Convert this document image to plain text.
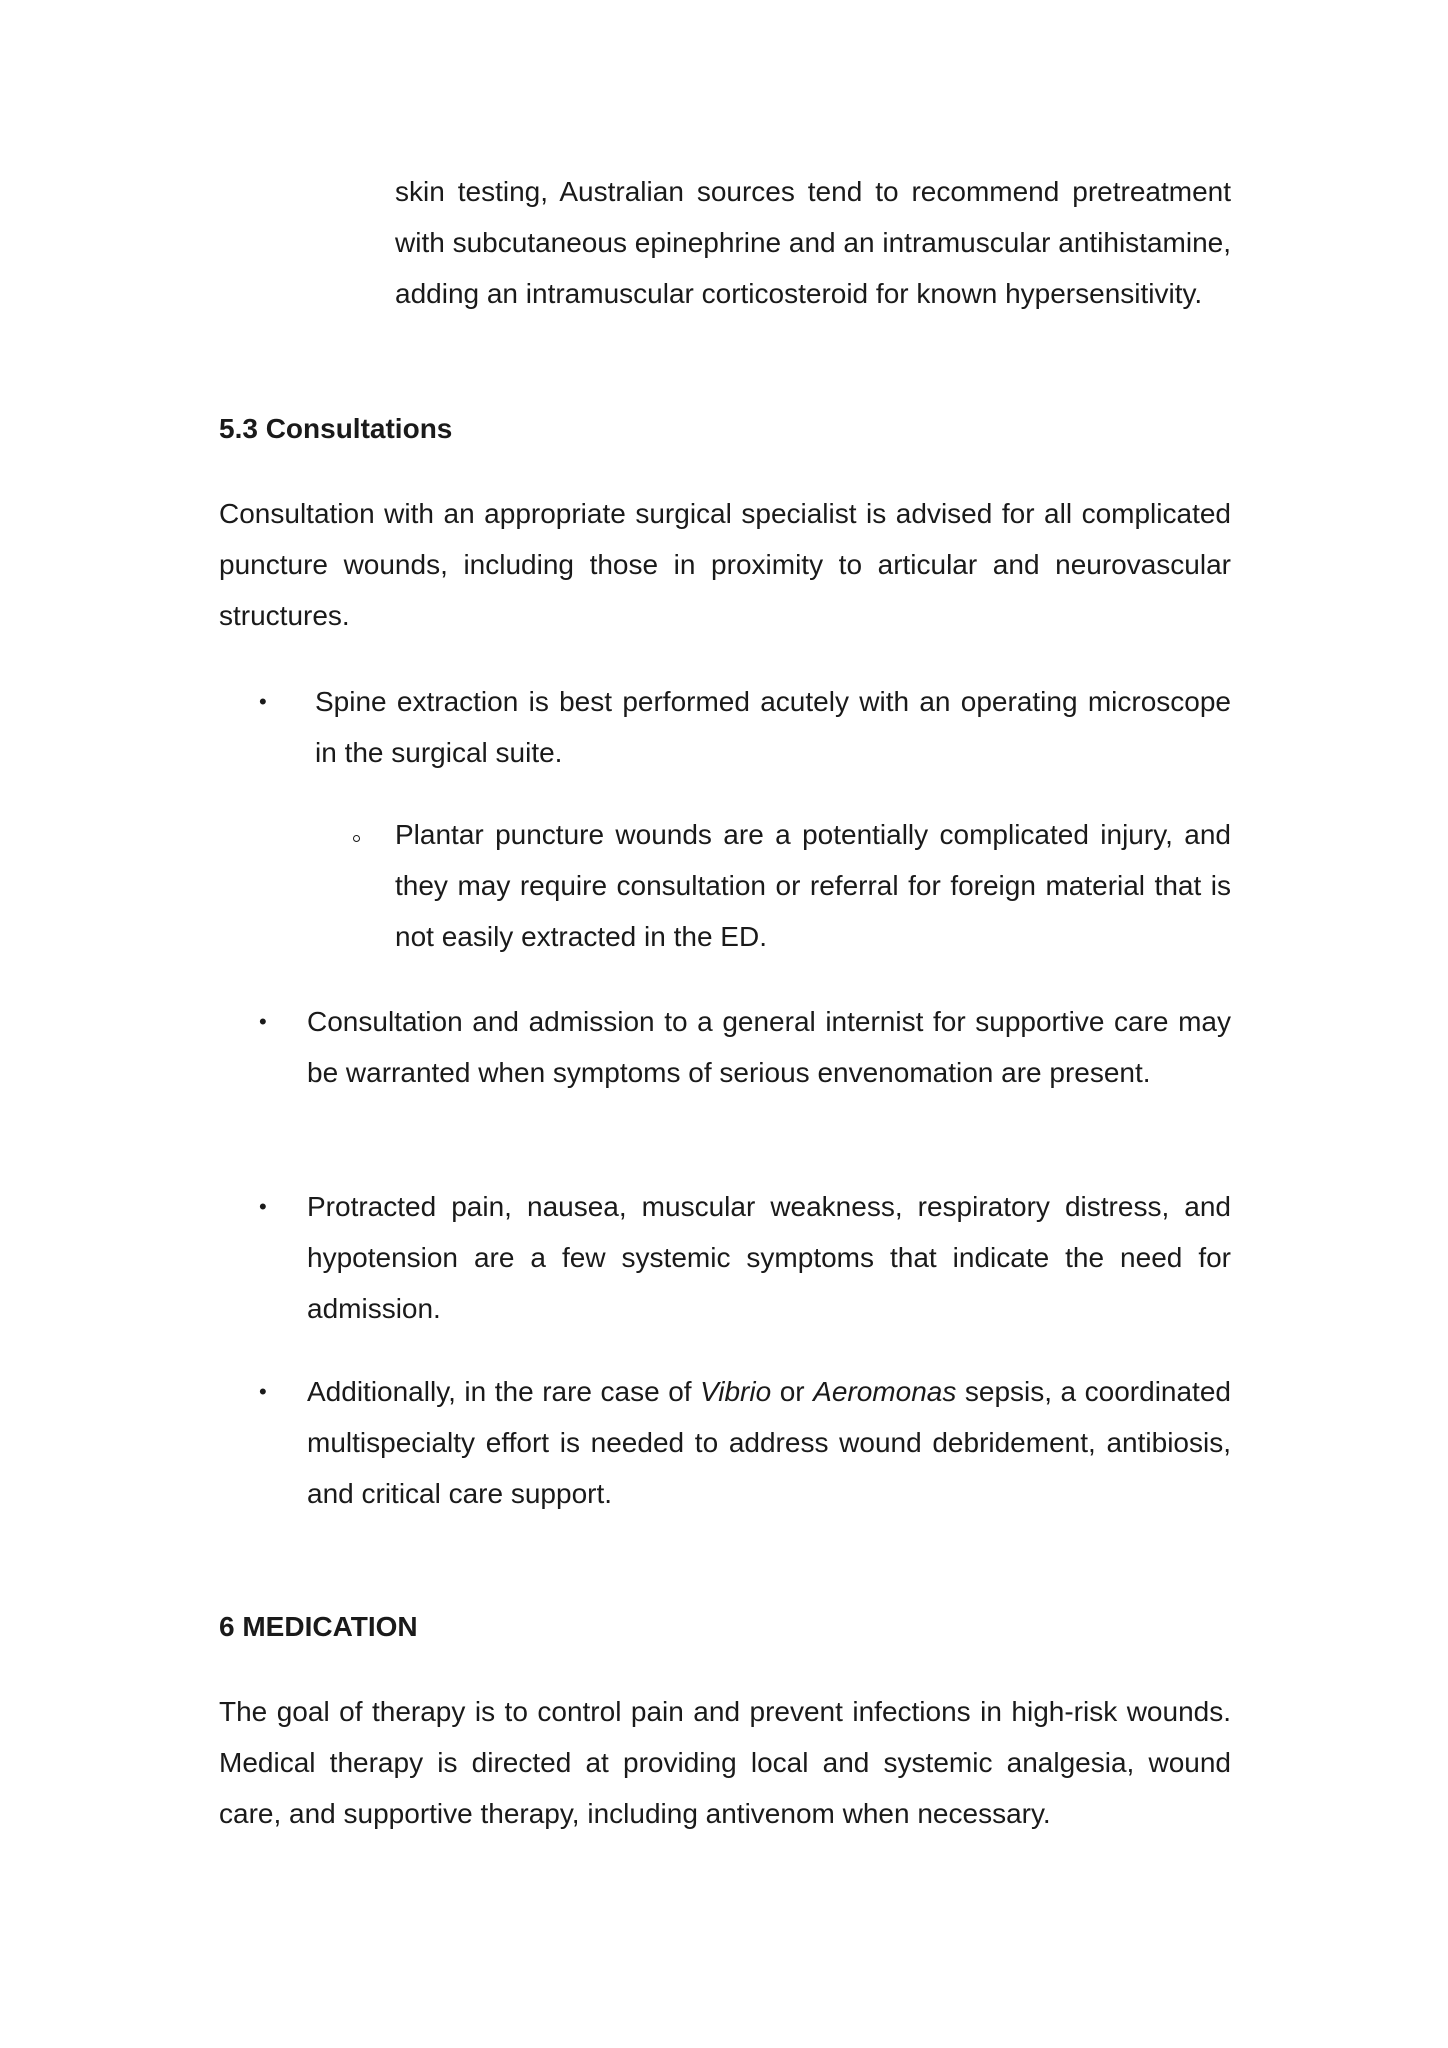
skin testing, Australian sources tend to recommend pretreatment with subcutaneous epinephrine and an intramuscular antihistamine, adding an intramuscular corticosteroid for known hypersensitivity.

5.3 Consultations

Consultation with an appropriate surgical specialist is advised for all complicated puncture wounds, including those in proximity to articular and neurovascular structures.

• Spine extraction is best performed acutely with an operating microscope in the surgical suite.

Plantar puncture wounds are a potentially complicated injury, and they may require consultation or referral for foreign material that is not easily extracted in the ED.

• Consultation and admission to a general internist for supportive care may be warranted when symptoms of serious envenomation are present.

• Protracted pain, nausea, muscular weakness, respiratory distress, and hypotension are a few systemic symptoms that indicate the need for admission.

• Additionally, in the rare case of Vibrio or Aeromonas sepsis, a coordinated multispecialty effort is needed to address wound debridement, antibiosis, and critical care support.

6 MEDICATION

The goal of therapy is to control pain and prevent infections in high-risk wounds. Medical therapy is directed at providing local and systemic analgesia, wound care, and supportive therapy, including antivenom when necessary.
